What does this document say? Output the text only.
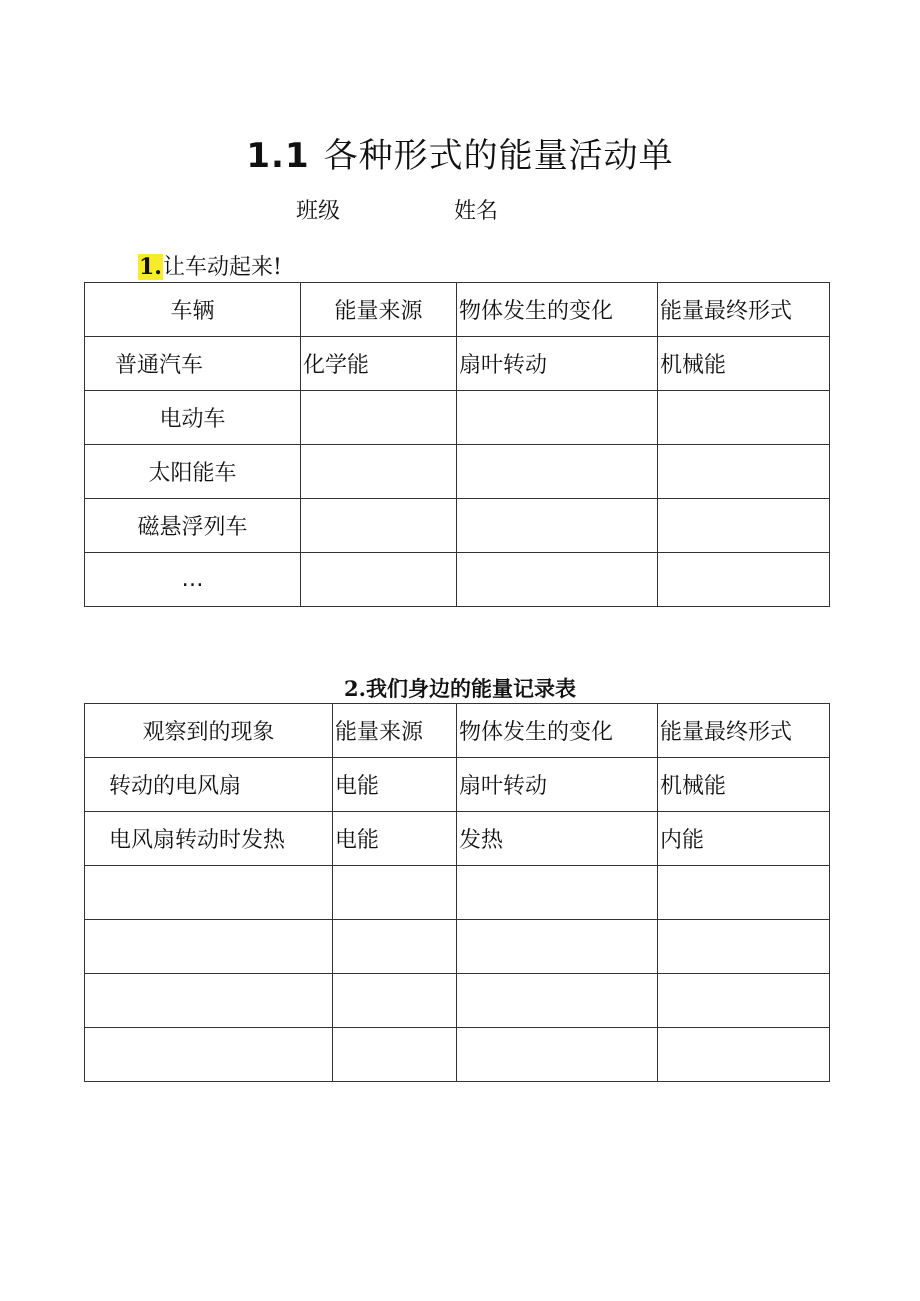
1.1 各种形式的能量活动单
班级	姓名
1.让车动起来!
车辆	能量来源	物体发生的变化	能量最终形式
普通汽车	化学能	扇叶转动	机械能
电动车			
太阳能车			
磁悬浮列车			
…			
2.我们身边的能量记录表
观察到的现象	能量来源	物体发生的变化	能量最终形式
转动的电风扇	电能	扇叶转动	机械能
电风扇转动时发热	电能	发热	内能
